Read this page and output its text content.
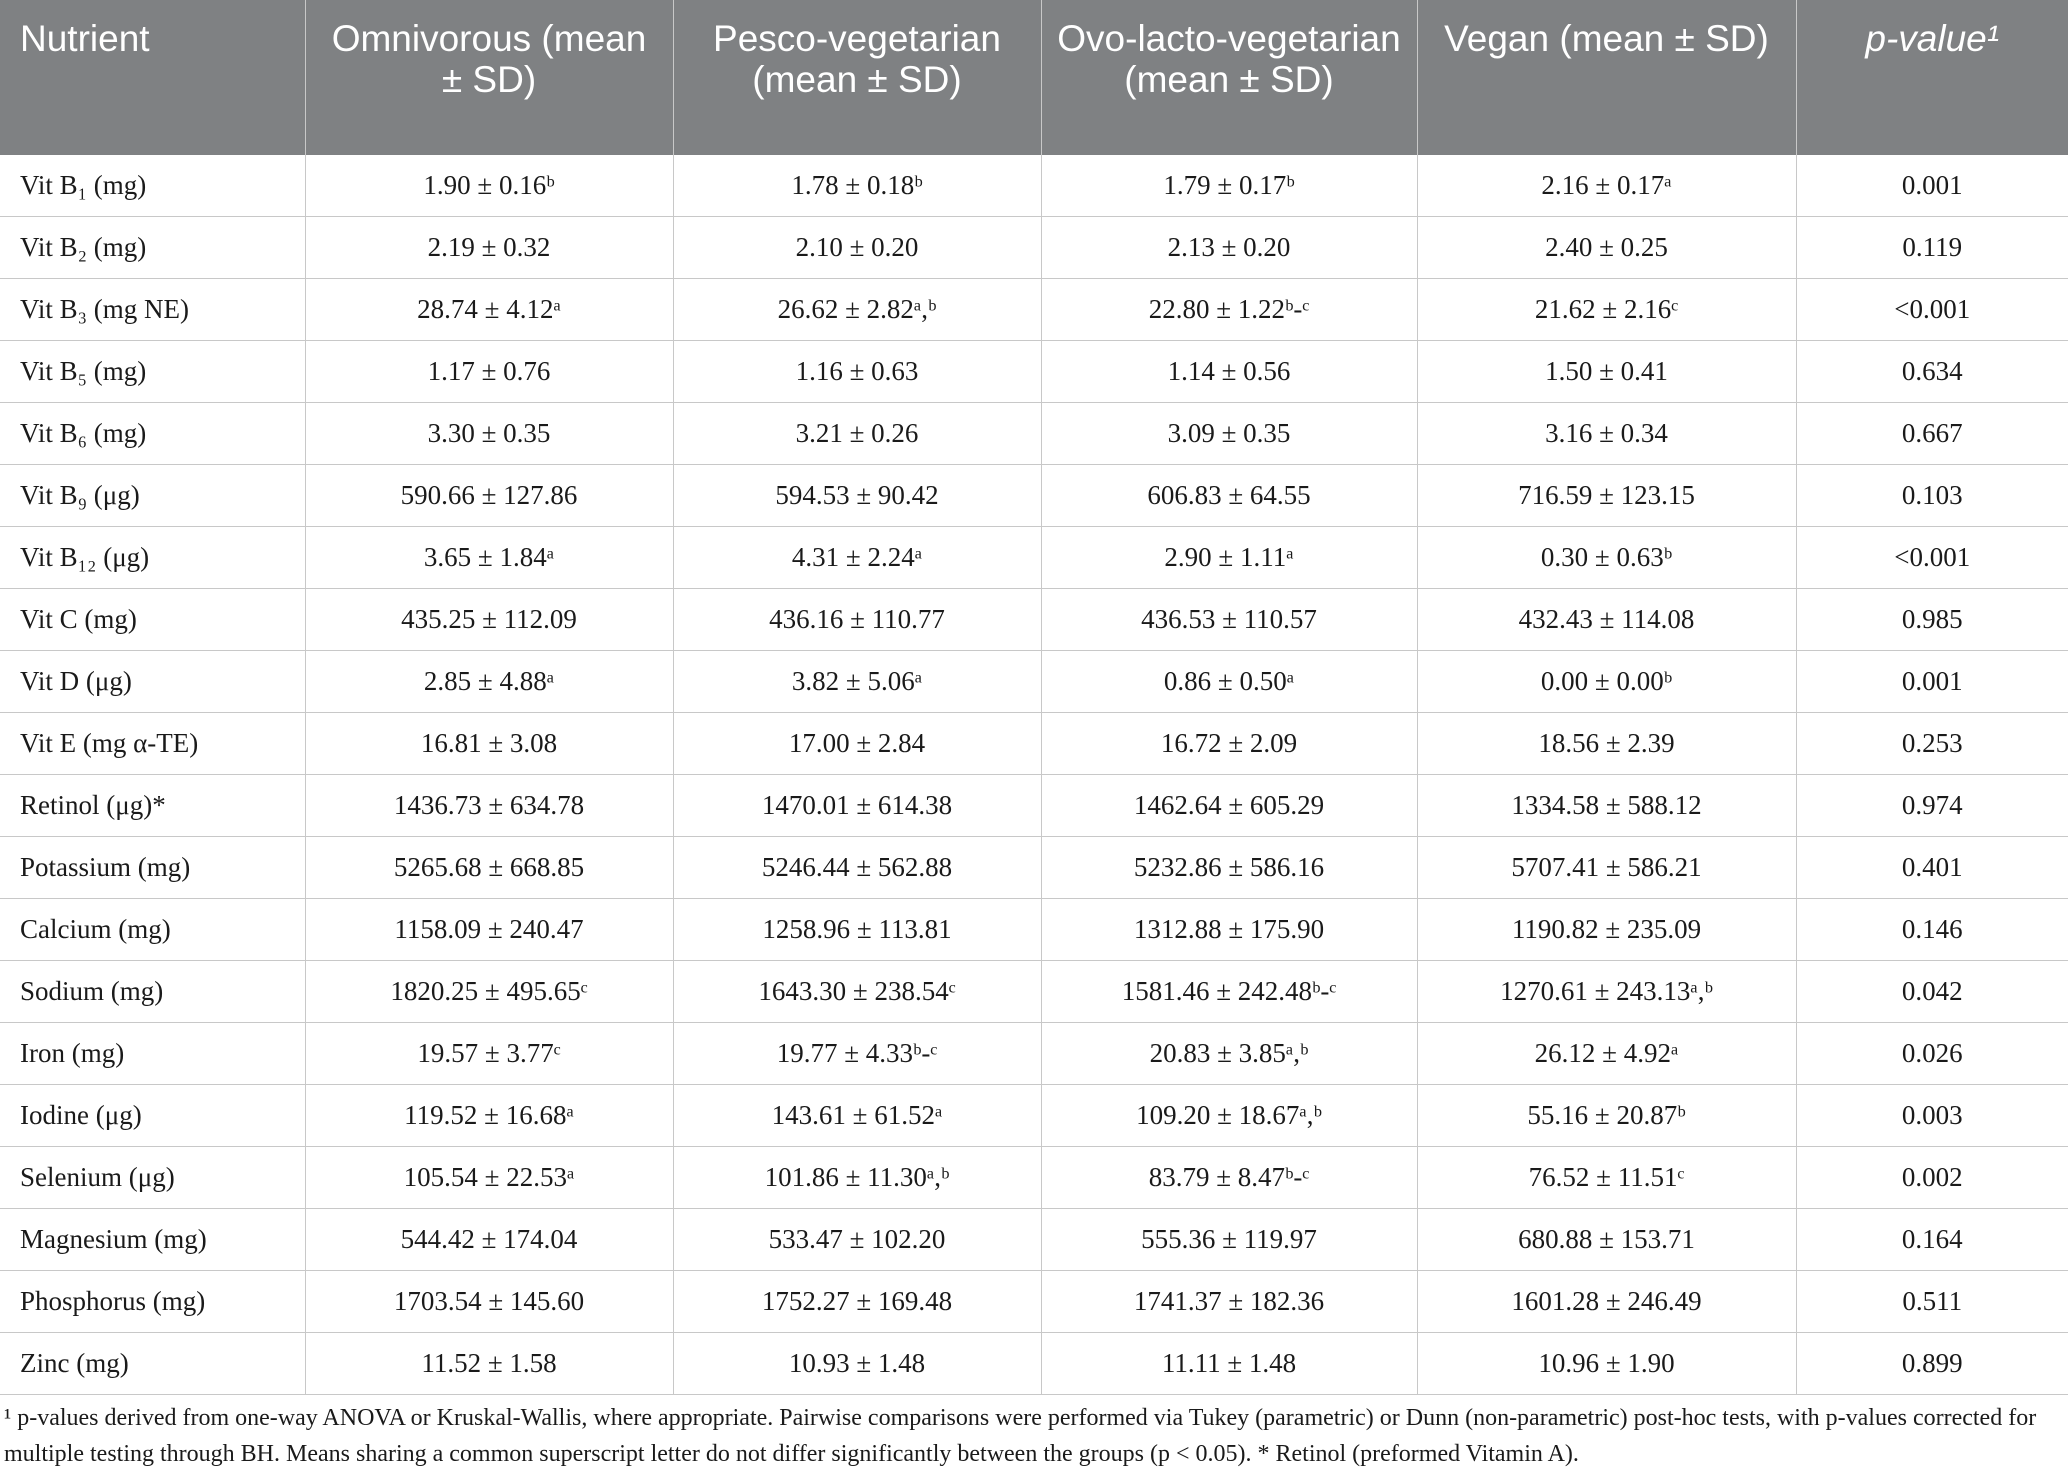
Nutrient	Omnivorous (mean ± SD)	Pesco-vegetarian (mean ± SD)	Ovo-lacto-vegetarian (mean ± SD)	Vegan (mean ± SD)	p-value¹

Vit B₁ (mg)	1.90 ± 0.16ᵇ	1.78 ± 0.18ᵇ	1.79 ± 0.17ᵇ	2.16 ± 0.17ᵃ	0.001
Vit B₂ (mg)	2.19 ± 0.32	2.10 ± 0.20	2.13 ± 0.20	2.40 ± 0.25	0.119
Vit B₃ (mg NE)	28.74 ± 4.12ᵃ	26.62 ± 2.82ᵃ,ᵇ	22.80 ± 1.22ᵇ-ᶜ	21.62 ± 2.16ᶜ	<0.001
Vit B₅ (mg)	1.17 ± 0.76	1.16 ± 0.63	1.14 ± 0.56	1.50 ± 0.41	0.634
Vit B₆ (mg)	3.30 ± 0.35	3.21 ± 0.26	3.09 ± 0.35	3.16 ± 0.34	0.667
Vit B₉ (μg)	590.66 ± 127.86	594.53 ± 90.42	606.83 ± 64.55	716.59 ± 123.15	0.103
Vit B₁₂ (μg)	3.65 ± 1.84ᵃ	4.31 ± 2.24ᵃ	2.90 ± 1.11ᵃ	0.30 ± 0.63ᵇ	<0.001
Vit C (mg)	435.25 ± 112.09	436.16 ± 110.77	436.53 ± 110.57	432.43 ± 114.08	0.985
Vit D (μg)	2.85 ± 4.88ᵃ	3.82 ± 5.06ᵃ	0.86 ± 0.50ᵃ	0.00 ± 0.00ᵇ	0.001
Vit E (mg α-TE)	16.81 ± 3.08	17.00 ± 2.84	16.72 ± 2.09	18.56 ± 2.39	0.253
Retinol (μg)*	1436.73 ± 634.78	1470.01 ± 614.38	1462.64 ± 605.29	1334.58 ± 588.12	0.974
Potassium (mg)	5265.68 ± 668.85	5246.44 ± 562.88	5232.86 ± 586.16	5707.41 ± 586.21	0.401
Calcium (mg)	1158.09 ± 240.47	1258.96 ± 113.81	1312.88 ± 175.90	1190.82 ± 235.09	0.146
Sodium (mg)	1820.25 ± 495.65ᶜ	1643.30 ± 238.54ᶜ	1581.46 ± 242.48ᵇ-ᶜ	1270.61 ± 243.13ᵃ,ᵇ	0.042
Iron (mg)	19.57 ± 3.77ᶜ	19.77 ± 4.33ᵇ-ᶜ	20.83 ± 3.85ᵃ,ᵇ	26.12 ± 4.92ᵃ	0.026
Iodine (μg)	119.52 ± 16.68ᵃ	143.61 ± 61.52ᵃ	109.20 ± 18.67ᵃ,ᵇ	55.16 ± 20.87ᵇ	0.003
Selenium (μg)	105.54 ± 22.53ᵃ	101.86 ± 11.30ᵃ,ᵇ	83.79 ± 8.47ᵇ-ᶜ	76.52 ± 11.51ᶜ	0.002
Magnesium (mg)	544.42 ± 174.04	533.47 ± 102.20	555.36 ± 119.97	680.88 ± 153.71	0.164
Phosphorus (mg)	1703.54 ± 145.60	1752.27 ± 169.48	1741.37 ± 182.36	1601.28 ± 246.49	0.511
Zinc (mg)	11.52 ± 1.58	10.93 ± 1.48	11.11 ± 1.48	10.96 ± 1.90	0.899
¹ p-values derived from one-way ANOVA or Kruskal-Wallis, where appropriate. Pairwise comparisons were performed via Tukey (parametric) or Dunn (non-parametric) post-hoc tests, with p-values corrected for multiple testing through BH. Means sharing a common superscript letter do not differ significantly between the groups (p < 0.05). * Retinol (preformed Vitamin A).
